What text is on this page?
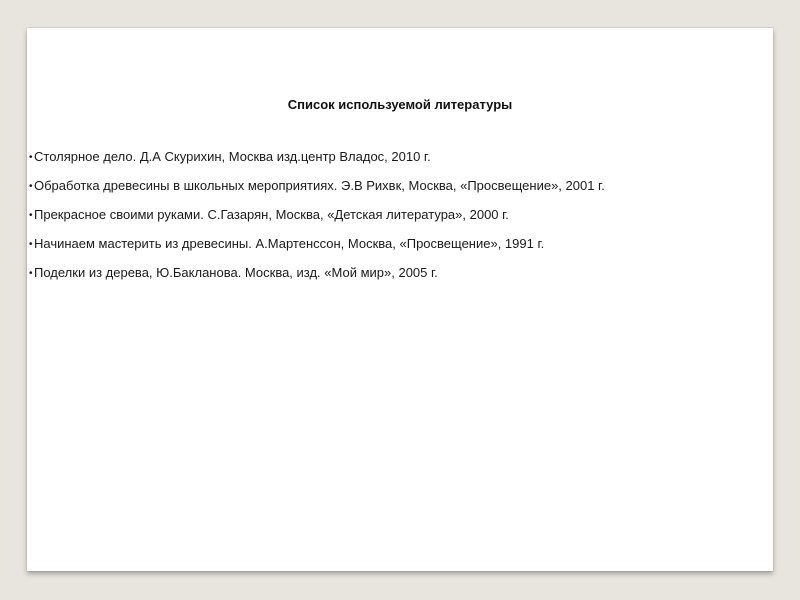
Список используемой литературы
•Столярное дело. Д.А Скурихин, Москва изд.центр Владос, 2010 г.
•Обработка древесины в школьных мероприятиях. Э.В Рихвк, Москва, «Просвещение», 2001 г.
•Прекрасное своими руками. С.Газарян, Москва, «Детская литература», 2000 г.
•Начинаем мастерить из древесины. А.Мартенссон, Москва, «Просвещение», 1991 г.
•Поделки из дерева, Ю.Бакланова. Москва, изд. «Мой мир», 2005 г.
